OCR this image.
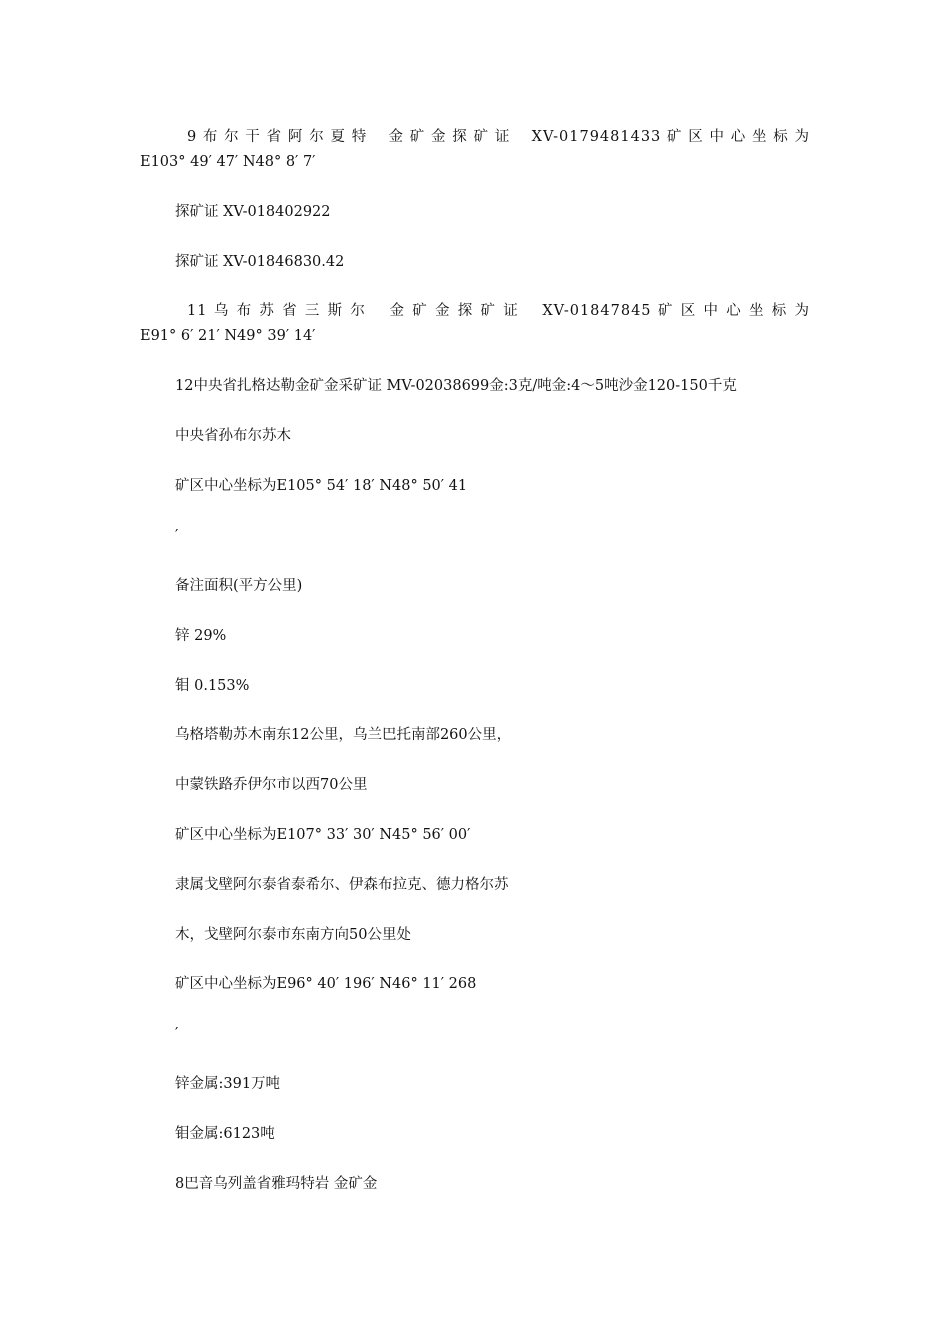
9 布 尔 干 省 阿 尔 夏 特　 金 矿 金 探 矿 证　 XV-0179481433 矿 区 中 心 坐 标 为

E103° 49′ 47′ N48° 8′ 7′

探矿证 XV-018402922

探矿证 XV-01846830.42

11 乌 布 苏 省 三 斯 尔　 金 矿 金 探 矿 证　 XV-01847845 矿 区 中 心 坐 标 为

E91° 6′ 21′ N49° 39′ 14′

12中央省扎格达勒金矿金采矿证 MV-02038699金:3克/吨金:4～5吨沙金120-150千克

中央省孙布尔苏木

矿区中心坐标为E105° 54′ 18′ N48° 50′ 41

′

备注面积(平方公里)

锌 29%

钼 0.153%

乌格塔勒苏木南东12公里，乌兰巴托南部260公里，

中蒙铁路乔伊尔市以西70公里

矿区中心坐标为E107° 33′ 30′ N45° 56′ 00′

隶属戈壁阿尔泰省泰希尔、伊森布拉克、德力格尔苏

木，戈壁阿尔泰市东南方向50公里处

矿区中心坐标为E96° 40′ 196′ N46° 11′ 268

′

锌金属:391万吨

钼金属:6123吨

8巴音乌列盖省雅玛特岩 金矿金
